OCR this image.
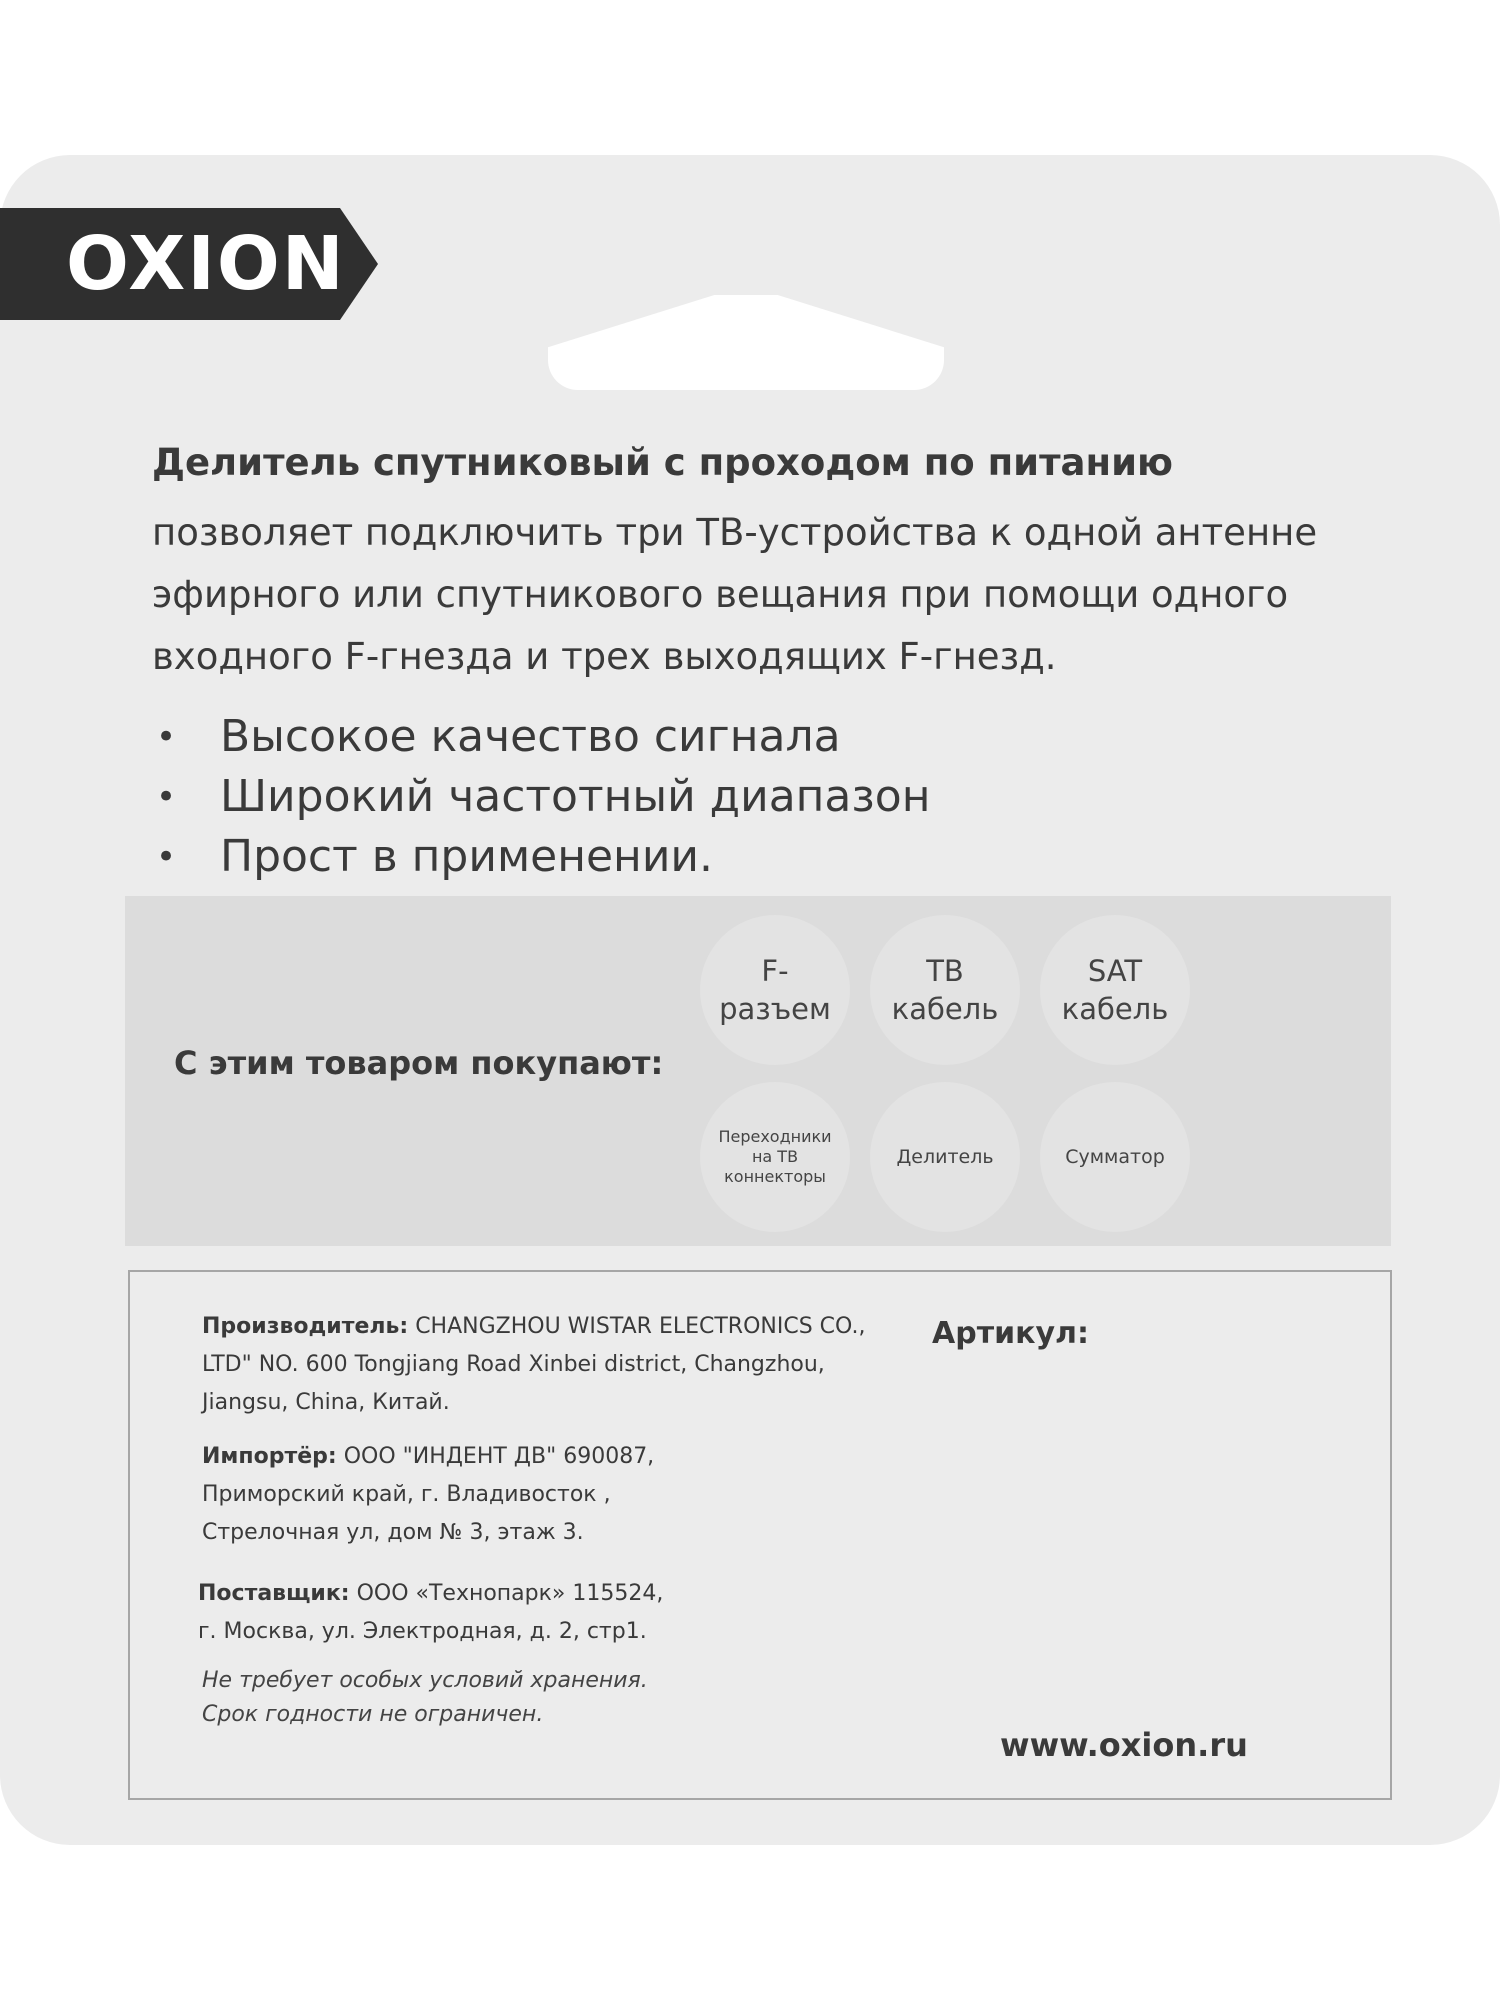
OXION
Делитель спутниковый с проходом по питанию
позволяет подключить три ТВ-устройства к одной антенне
эфирного или спутникового вещания при помощи одного
входного F-гнезда и трех выходящих F-гнезд.
• Высокое качество сигнала
• Широкий частотный диапазон
• Прост в применении.
С этим товаром покупают:
F-
разъем
ТВ
кабель
SAT
кабель
Переходники
на ТВ
коннекторы
Делитель	Сумматор
Производитель: CHANGZHOU WISTAR ELECTRONICS CO.,
LTD" NO. 600 Tongjiang Road Xinbei district, Changzhou,
Jiangsu, China, Китай.
Импортёр: ООО "ИНДЕНТ ДВ" 690087,
Приморский край, г. Владивосток ,
Стрелочная ул, дом № 3, этаж 3.
Поставщик: ООО «Технопарк» 115524,
г. Москва, ул. Электродная, д. 2, стр1.
Не требует особых условий хранения.
Срок годности не ограничен.
Артикул:
www.oxion.ru
